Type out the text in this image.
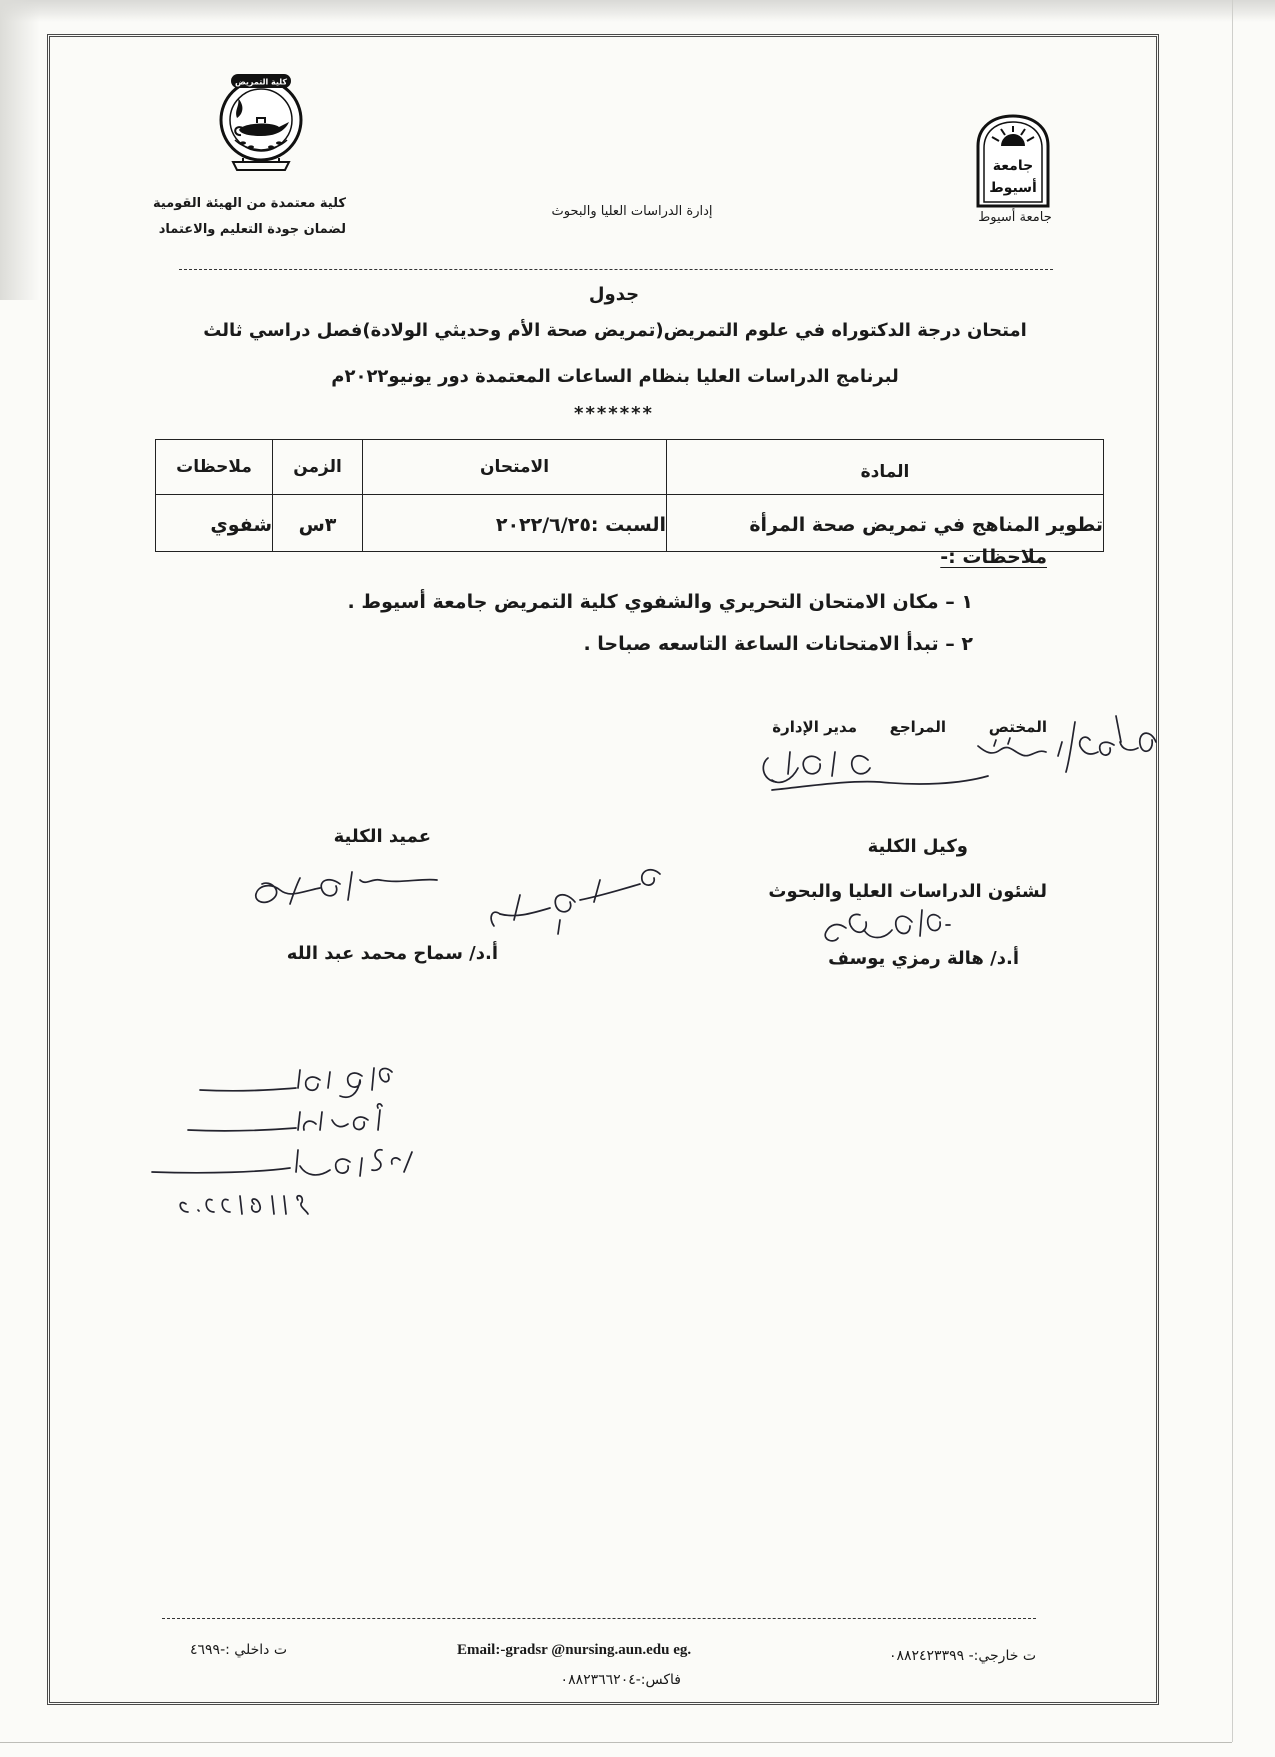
كلية التمريض
جامعة
أسيوط
كلية معتمدة من الهيئة القومية
لضمان جودة التعليم والاعتماد
إدارة الدراسات العليا والبحوث	جامعة أسيوط
جدول
امتحان درجة الدكتوراه في علوم التمريض(تمريض صحة الأم وحديثي الولادة)فصل دراسي ثالث
لبرنامج الدراسات العليا بنظام الساعات المعتمدة دور يونيو٢٠٢٢م
*******
المادة	الامتحان	الزمن	ملاحظات
تطوير المناهج في تمريض صحة المرأة	السبت :٢٠٢٢/٦/٢٥	٣س	شفوي
ملاحظات :-
١ – مكان الامتحان التحريري والشفوي كلية التمريض جامعة أسيوط .
٢ – تبدأ الامتحانات الساعة التاسعه صباحا .
المختص
المراجع
مدير الإدارة
وكيل الكلية
لشئون الدراسات العليا والبحوث
أ.د/ هالة رمزي يوسف
عميد الكلية
أ.د/ سماح محمد عبد الله
ت خارجي:- ٠٨٨٢٤٢٣٣٩٩
Email:-gradsr @nursing.aun.edu eg.
ت داخلي :-٤٦٩٩
فاكس:-٠٨٨٢٣٦٦٢٠٤
